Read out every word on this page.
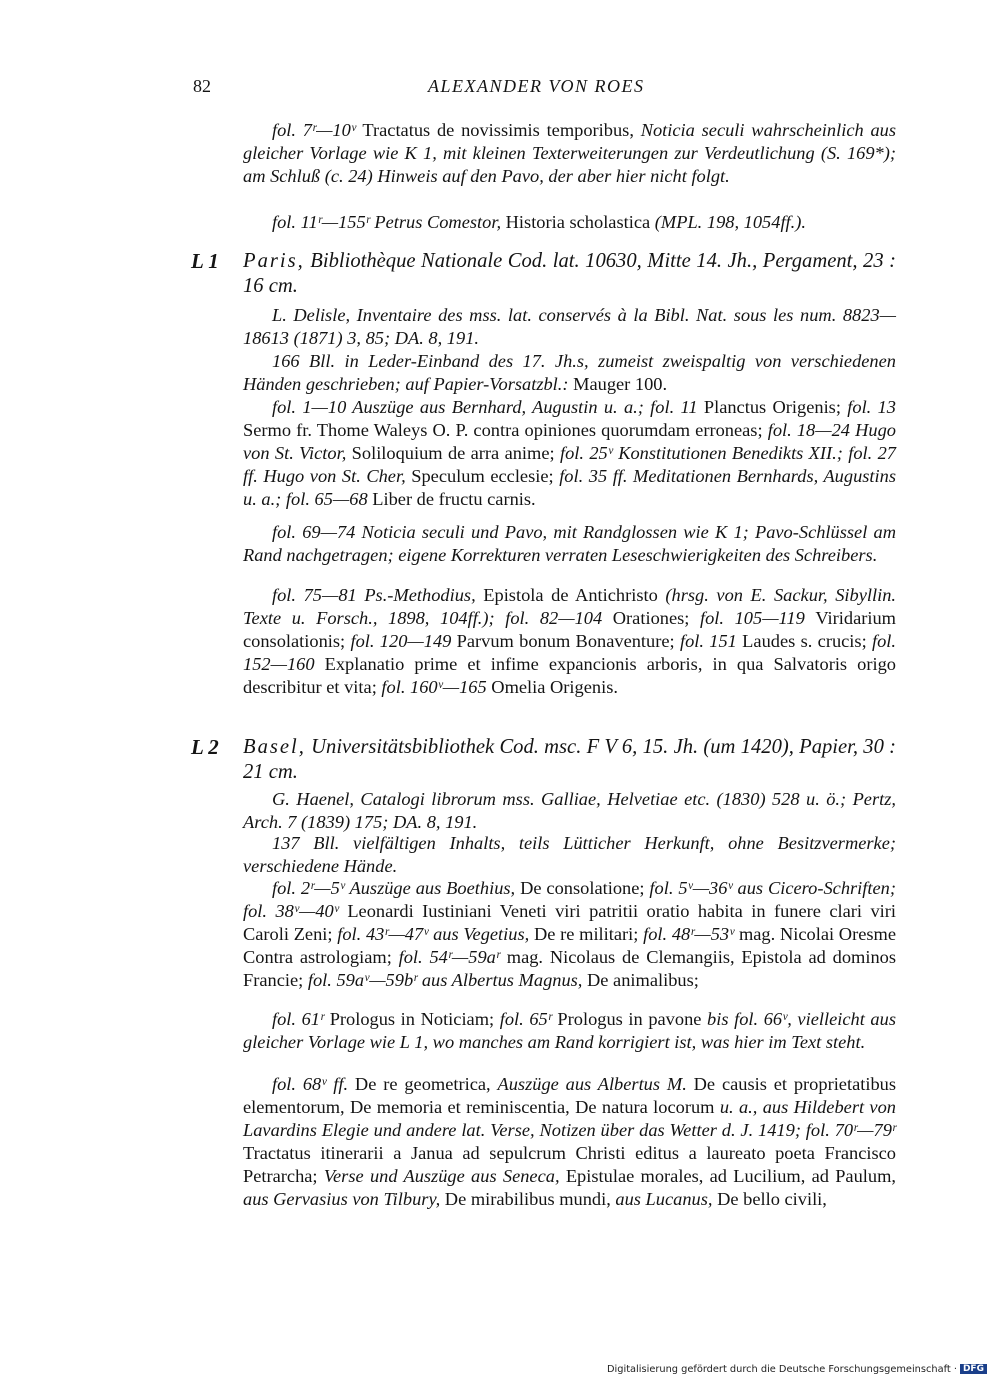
82	ALEXANDER VON ROES

fol. 7ʳ—10ᵛ Tractatus de novissimis temporibus, Noticia seculi wahrscheinlich aus gleicher Vorlage wie K 1, mit kleinen Texterweiterungen zur Verdeutlichung (S. 169*); am Schluß (c. 24) Hinweis auf den Pavo, der aber hier nicht folgt.

fol. 11ʳ—155ʳ Petrus Comestor, Historia scholastica (MPL. 198, 1054ff.).

L 1 Paris, Bibliothèque Nationale Cod. lat. 10630, Mitte 14. Jh., Pergament, 23 : 16 cm.

L. Delisle, Inventaire des mss. lat. conservés à la Bibl. Nat. sous les num. 8823—18613 (1871) 3, 85; DA. 8, 191.

166 Bll. in Leder-Einband des 17. Jh.s, zumeist zweispaltig von verschiedenen Händen geschrieben; auf Papier-Vorsatzbl.: Mauger 100.

fol. 1—10 Auszüge aus Bernhard, Augustin u. a.; fol. 11 Planctus Origenis; fol. 13 Sermo fr. Thome Waleys O. P. contra opiniones quorumdam erroneas; fol. 18—24 Hugo von St. Victor, Soliloquium de arra anime; fol. 25ᵛ Konstitutionen Benedikts XII.; fol. 27 ff. Hugo von St. Cher, Speculum ecclesie; fol. 35 ff. Meditationen Bernhards, Augustins u. a.; fol. 65—68 Liber de fructu carnis.

fol. 69—74 Noticia seculi und Pavo, mit Randglossen wie K 1; Pavo-Schlüssel am Rand nachgetragen; eigene Korrekturen verraten Leseschwierigkeiten des Schreibers.

fol. 75—81 Ps.-Methodius, Epistola de Antichristo (hrsg. von E. Sackur, Sibyllin. Texte u. Forsch., 1898, 104ff.); fol. 82—104 Orationes; fol. 105—119 Viridarium consolationis; fol. 120—149 Parvum bonum Bonaventure; fol. 151 Laudes s. crucis; fol. 152—160 Explanatio prime et infime expancionis arboris, in qua Salvatoris origo describitur et vita; fol. 160ᵛ—165 Omelia Origenis.

L 2 Basel, Universitätsbibliothek Cod. msc. F V 6, 15. Jh. (um 1420), Papier, 30 : 21 cm.

G. Haenel, Catalogi librorum mss. Galliae, Helvetiae etc. (1830) 528 u. ö.; Pertz, Arch. 7 (1839) 175; DA. 8, 191.

137 Bll. vielfältigen Inhalts, teils Lütticher Herkunft, ohne Besitzvermerke; verschiedene Hände.

fol. 2ʳ—5ᵛ Auszüge aus Boethius, De consolatione; fol. 5ᵛ—36ᵛ aus Cicero-Schriften; fol. 38ᵛ—40ᵛ Leonardi Iustiniani Veneti viri patritii oratio habita in funere clari viri Caroli Zeni; fol. 43ʳ—47ᵛ aus Vegetius, De re militari; fol. 48ʳ—53ᵛ mag. Nicolai Oresme Contra astrologiam; fol. 54ʳ—59aʳ mag. Nicolaus de Clemangiis, Epistola ad dominos Francie; fol. 59aᵛ—59bʳ aus Albertus Magnus, De animalibus;

fol. 61ʳ Prologus in Noticiam; fol. 65ʳ Prologus in pavone bis fol. 66ᵛ, vielleicht aus gleicher Vorlage wie L 1, wo manches am Rand korrigiert ist, was hier im Text steht.

fol. 68ᵛ ff. De re geometrica, Auszüge aus Albertus M. De causis et proprietatibus elementorum, De memoria et reminiscentia, De natura locorum u. a., aus Hildebert von Lavardins Elegie und andere lat. Verse, Notizen über das Wetter d. J. 1419; fol. 70ʳ—79ʳ Tractatus itinerarii a Janua ad sepulcrum Christi editus a laureato poeta Francisco Petrarcha; Verse und Auszüge aus Seneca, Epistulae morales, ad Lucilium, ad Paulum, aus Gervasius von Tilbury, De mirabilibus mundi, aus Lucanus, De bello civili,

Digitalisierung gefördert durch die Deutsche Forschungsgemeinschaft · DFG
